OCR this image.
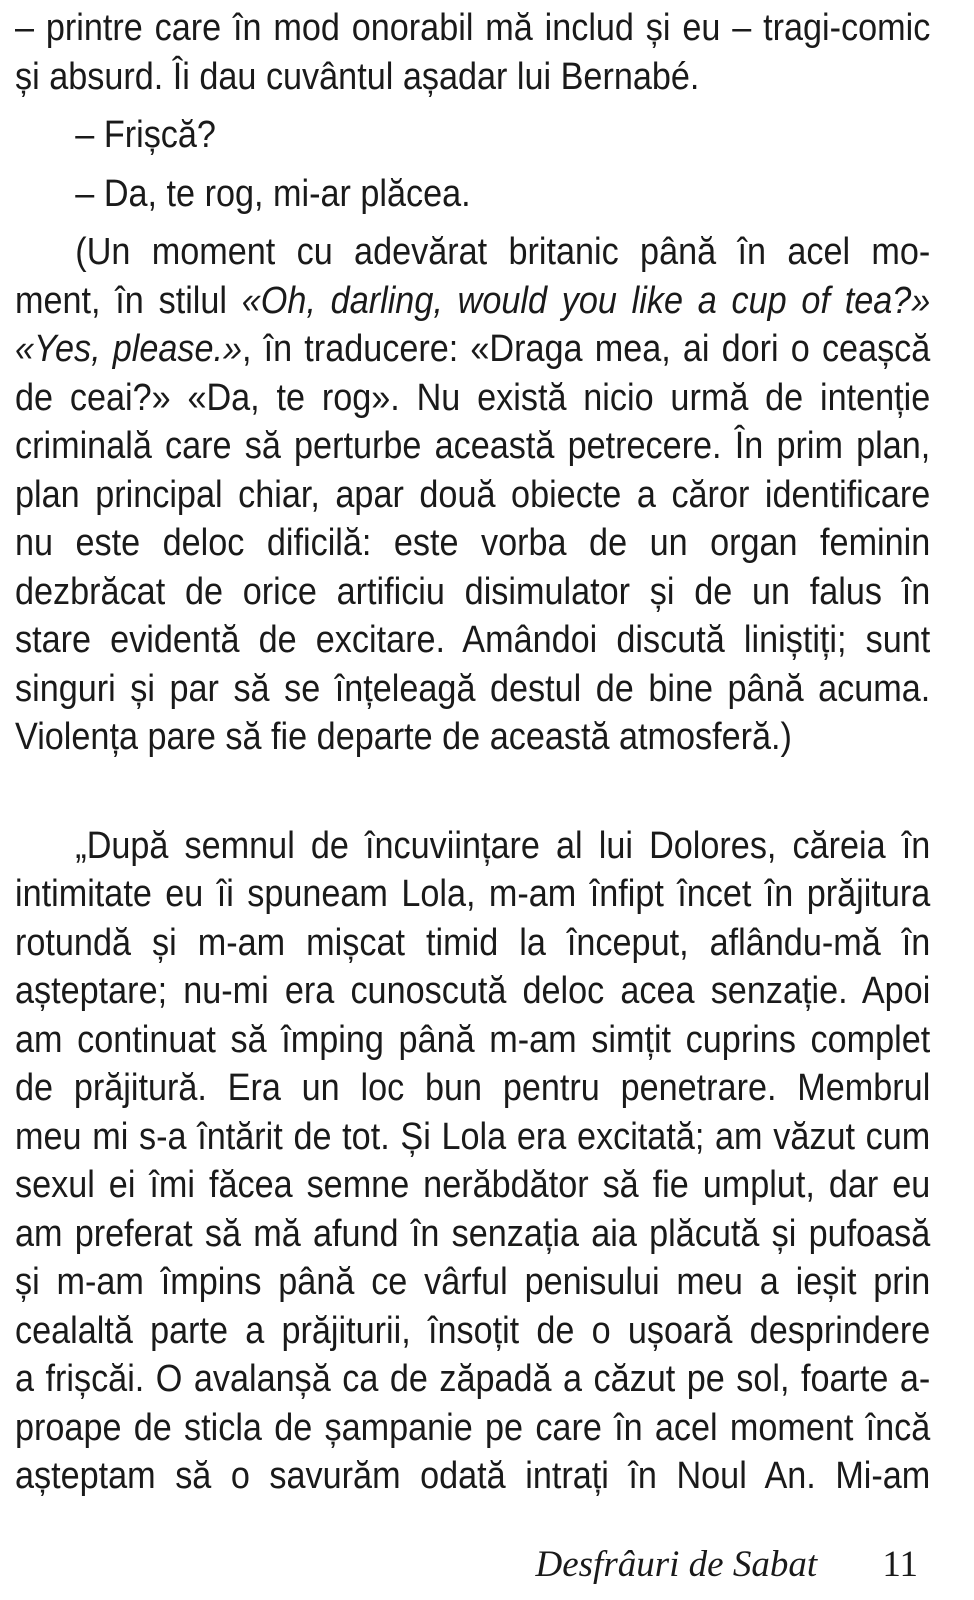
– printre care în mod onorabil mă includ și eu – tragi-comic
și absurd. Îi dau cuvântul așadar lui Bernabé.
– Frișcă?
– Da, te rog, mi-ar plăcea.
(Un moment cu adevărat britanic până în acel mo-
ment, în stilul «Oh, darling, would you like a cup of tea?»
«Yes, please.», în traducere: «Draga mea, ai dori o ceașcă
de ceai?» «Da, te rog». Nu există nicio urmă de intenție
criminală care să perturbe această petrecere. În prim plan,
plan principal chiar, apar două obiecte a căror identificare
nu este deloc dificilă: este vorba de un organ feminin
dezbrăcat de orice artificiu disimulator și de un falus în
stare evidentă de excitare. Amândoi discută liniștiți; sunt
singuri și par să se înțeleagă destul de bine până acuma.
Violența pare să fie departe de această atmosferă.)
„După semnul de încuviințare al lui Dolores, căreia în
intimitate eu îi spuneam Lola, m-am înfipt încet în prăjitura
rotundă și m-am mișcat timid la început, aflându-mă în
așteptare; nu-mi era cunoscută deloc acea senzație. Apoi
am continuat să împing până m-am simțit cuprins complet
de prăjitură. Era un loc bun pentru penetrare. Membrul
meu mi s-a întărit de tot. Și Lola era excitată; am văzut cum
sexul ei îmi făcea semne nerăbdător să fie umplut, dar eu
am preferat să mă afund în senzația aia plăcută și pufoasă
și m-am împins până ce vârful penisului meu a ieșit prin
cealaltă parte a prăjiturii, însoțit de o ușoară desprindere
a frișcăi. O avalanșă ca de zăpadă a căzut pe sol, foarte a-
proape de sticla de șampanie pe care în acel moment încă
așteptam să o savurăm odată intrați în Noul An. Mi-am
Desfrâuri de Sabat 11
